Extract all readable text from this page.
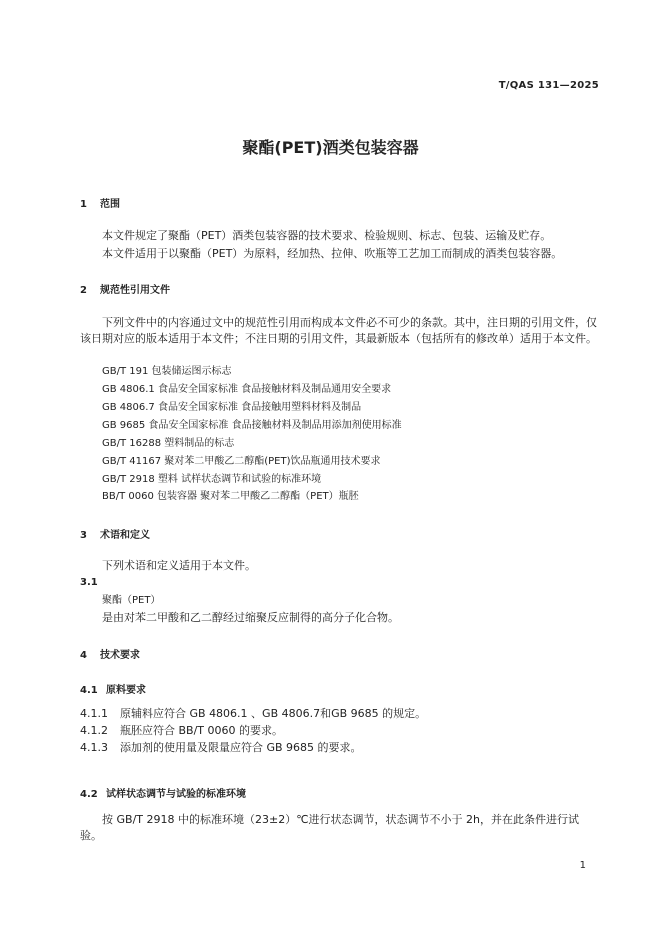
T/QAS 131—2025
聚酯(PET)酒类包装容器
1 范围
本文件规定了聚酯（PET）酒类包装容器的技术要求、检验规则、标志、包装、运输及贮存。
本文件适用于以聚酯（PET）为原料，经加热、拉伸、吹瓶等工艺加工而制成的酒类包装容器。
2 规范性引用文件
下列文件中的内容通过文中的规范性引用而构成本文件必不可少的条款。其中，注日期的引用文件，仅该日期对应的版本适用于本文件；不注日期的引用文件，其最新版本（包括所有的修改单）适用于本文件。
GB/T 191 包装储运图示标志
GB 4806.1 食品安全国家标准 食品接触材料及制品通用安全要求
GB 4806.7 食品安全国家标准 食品接触用塑料材料及制品
GB 9685 食品安全国家标准 食品接触材料及制品用添加剂使用标准
GB/T 16288 塑料制品的标志
GB/T 41167 聚对苯二甲酸乙二醇酯(PET)饮品瓶通用技术要求
GB/T 2918 塑料 试样状态调节和试验的标准环境
BB/T 0060 包装容器 聚对苯二甲酸乙二醇酯（PET）瓶胚
3 术语和定义
下列术语和定义适用于本文件。
3.1
聚酯（PET）
是由对苯二甲酸和乙二醇经过缩聚反应制得的高分子化合物。
4 技术要求
4.1 原料要求
4.1.1 原辅料应符合 GB 4806.1 、GB 4806.7和GB 9685 的规定。
4.1.2 瓶胚应符合 BB/T 0060 的要求。
4.1.3 添加剂的使用量及限量应符合 GB 9685 的要求。
4.2 试样状态调节与试验的标准环境
按 GB/T 2918 中的标准环境（23±2）℃进行状态调节，状态调节不小于 2h，并在此条件进行试验。
1
